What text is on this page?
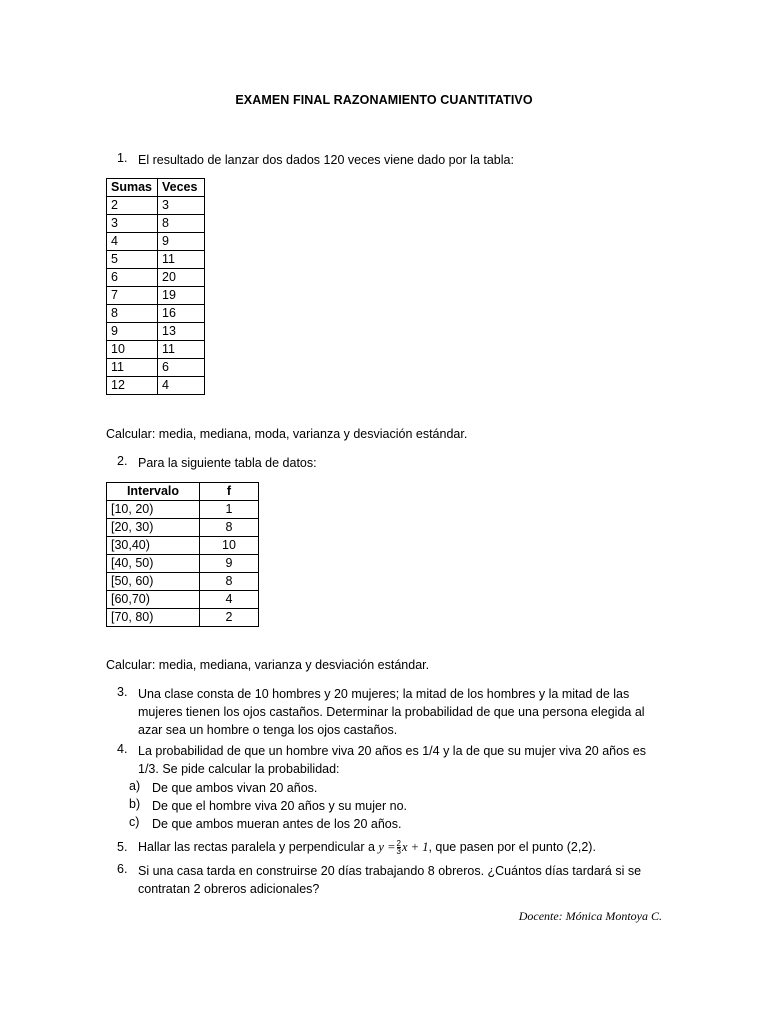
EXAMEN FINAL RAZONAMIENTO CUANTITATIVO
1. El resultado de lanzar dos dados 120 veces viene dado por la tabla:
Sumas	Veces
2	3
3	8
4	9
5	11
6	20
7	19
8	16
9	13
10	11
11	6
12	4
Calcular: media, mediana, moda, varianza y desviación estándar.
2. Para la siguiente tabla de datos:
Intervalo	f
[10, 20)	1
[20, 30)	8
[30,40)	10
[40, 50)	9
[50, 60)	8
[60,70)	4
[70, 80)	2
Calcular: media, mediana, varianza y desviación estándar.
3. Una clase consta de 10 hombres y 20 mujeres; la mitad de los hombres y la mitad de las
mujeres tienen los ojos castaños. Determinar la probabilidad de que una persona elegida al
azar sea un hombre o tenga los ojos castaños.
4. La probabilidad de que un hombre viva 20 años es 1/4 y la de que su mujer viva 20 años es
1/3. Se pide calcular la probabilidad:
a) De que ambos vivan 20 años.
b) De que el hombre viva 20 años y su mujer no.
c) De que ambos mueran antes de los 20 años.
5. Hallar las rectas paralela y perpendicular a $y = \frac{2}{3}$ x + 1, que pasen por el punto (2,2).
6. Si una casa tarda en construirse 20 días trabajando 8 obreros. ¿Cuántos días tardará si se
contratan 2 obreros adicionales?
Docente: Mónica Montoya C.
